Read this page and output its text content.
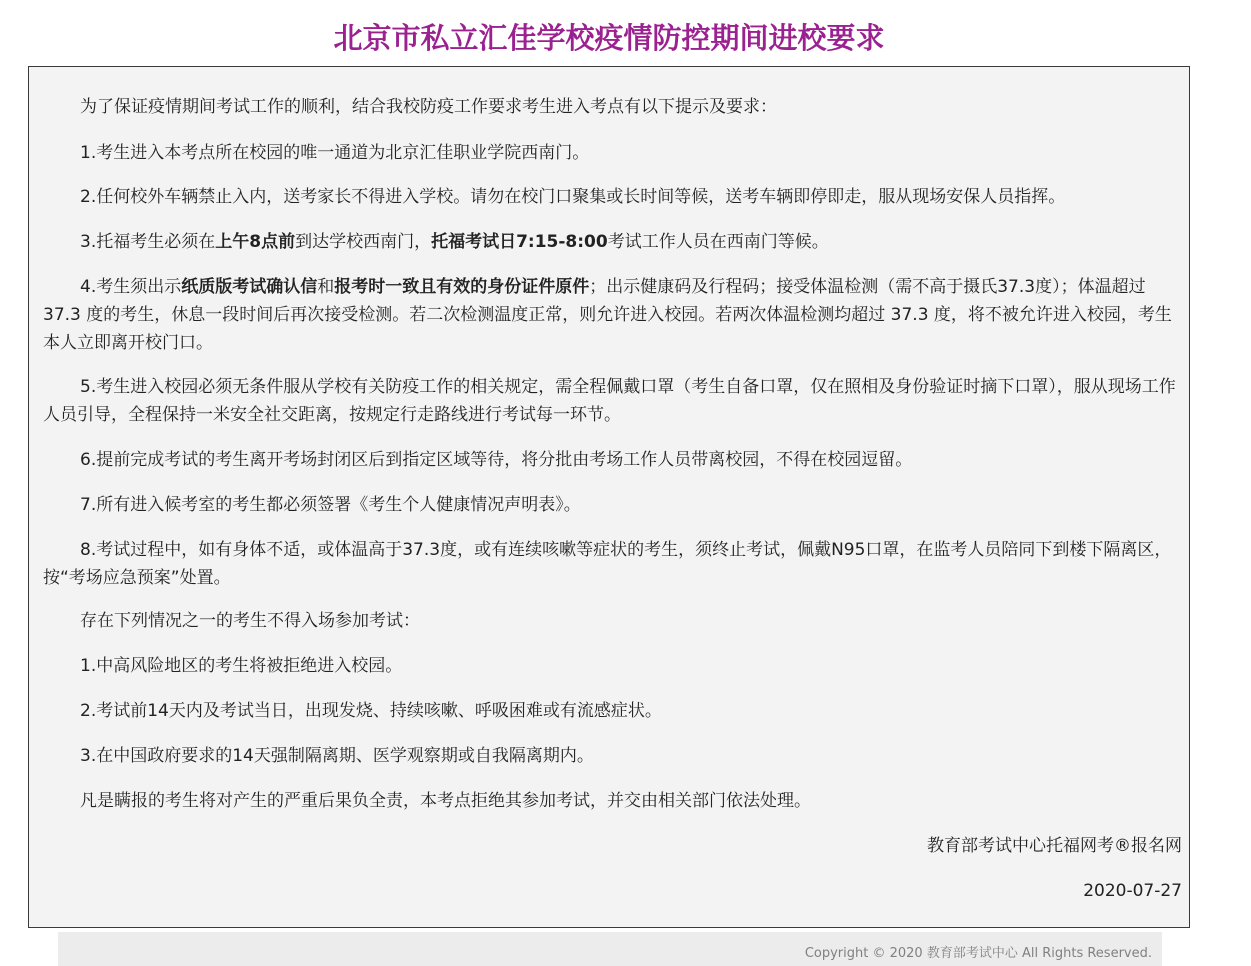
北京市私立汇佳学校疫情防控期间进校要求

为了保证疫情期间考试工作的顺利，结合我校防疫工作要求考生进入考点有以下提示及要求：

1.考生进入本考点所在校园的唯一通道为北京汇佳职业学院西南门。

2.任何校外车辆禁止入内，送考家长不得进入学校。请勿在校门口聚集或长时间等候，送考车辆即停即走，服从现场安保人员指挥。

3.托福考生必须在上午8点前到达学校西南门，托福考试日7:15-8:00考试工作人员在西南门等候。

4.考生须出示纸质版考试确认信和报考时一致且有效的身份证件原件；出示健康码及行程码；接受体温检测（需不高于摄氏37.3度）；体温超过 37.3 度的考生，休息一段时间后再次接受检测。若二次检测温度正常，则允许进入校园。若两次体温检测均超过 37.3 度，将不被允许进入校园，考生本人立即离开校门口。

5.考生进入校园必须无条件服从学校有关防疫工作的相关规定，需全程佩戴口罩（考生自备口罩，仅在照相及身份验证时摘下口罩），服从现场工作人员引导，全程保持一米安全社交距离，按规定行走路线进行考试每一环节。

6.提前完成考试的考生离开考场封闭区后到指定区域等待，将分批由考场工作人员带离校园，不得在校园逗留。

7.所有进入候考室的考生都必须签署《考生个人健康情况声明表》。

8.考试过程中，如有身体不适，或体温高于37.3度，或有连续咳嗽等症状的考生，须终止考试，佩戴N95口罩，在监考人员陪同下到楼下隔离区，按“考场应急预案”处置。

存在下列情况之一的考生不得入场参加考试：

1.中高风险地区的考生将被拒绝进入校园。

2.考试前14天内及考试当日，出现发烧、持续咳嗽、呼吸困难或有流感症状。

3.在中国政府要求的14天强制隔离期、医学观察期或自我隔离期内。

凡是瞒报的考生将对产生的严重后果负全责，本考点拒绝其参加考试，并交由相关部门依法处理。

教育部考试中心托福网考®报名网
2020-07-27
Copyright © 2020 教育部考试中心 All Rights Reserved.
